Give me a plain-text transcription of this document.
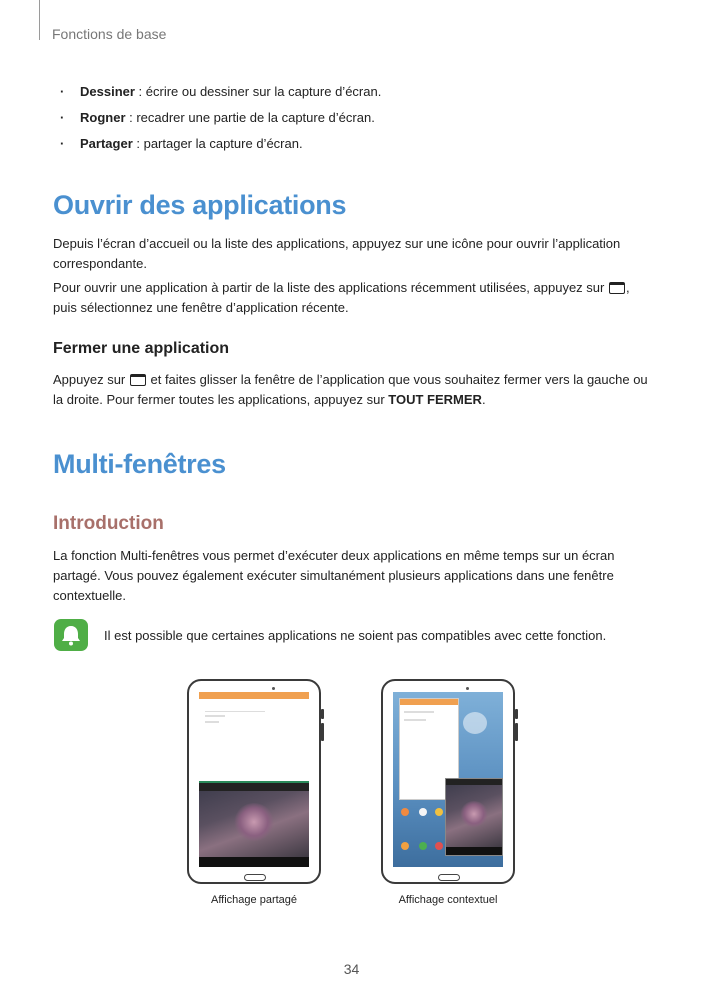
Fonctions de base
· Dessiner : écrire ou dessiner sur la capture d’écran.
· Rogner : recadrer une partie de la capture d’écran.
· Partager : partager la capture d’écran.
Ouvrir des applications
Depuis l’écran d’accueil ou la liste des applications, appuyez sur une icône pour ouvrir l’application correspondante.
Pour ouvrir une application à partir de la liste des applications récemment utilisées, appuyez sur ,
puis sélectionnez une fenêtre d’application récente.
Fermer une application
Appuyez sur  et faites glisser la fenêtre de l’application que vous souhaitez fermer vers la gauche ou la droite. Pour fermer toutes les applications, appuyez sur TOUT FERMER.
Multi-fenêtres
Introduction
La fonction Multi-fenêtres vous permet d’exécuter deux applications en même temps sur un écran partagé. Vous pouvez également exécuter simultanément plusieurs applications dans une fenêtre contextuelle.
Il est possible que certaines applications ne soient pas compatibles avec cette fonction.
Affichage partagé	Affichage contextuel
34
